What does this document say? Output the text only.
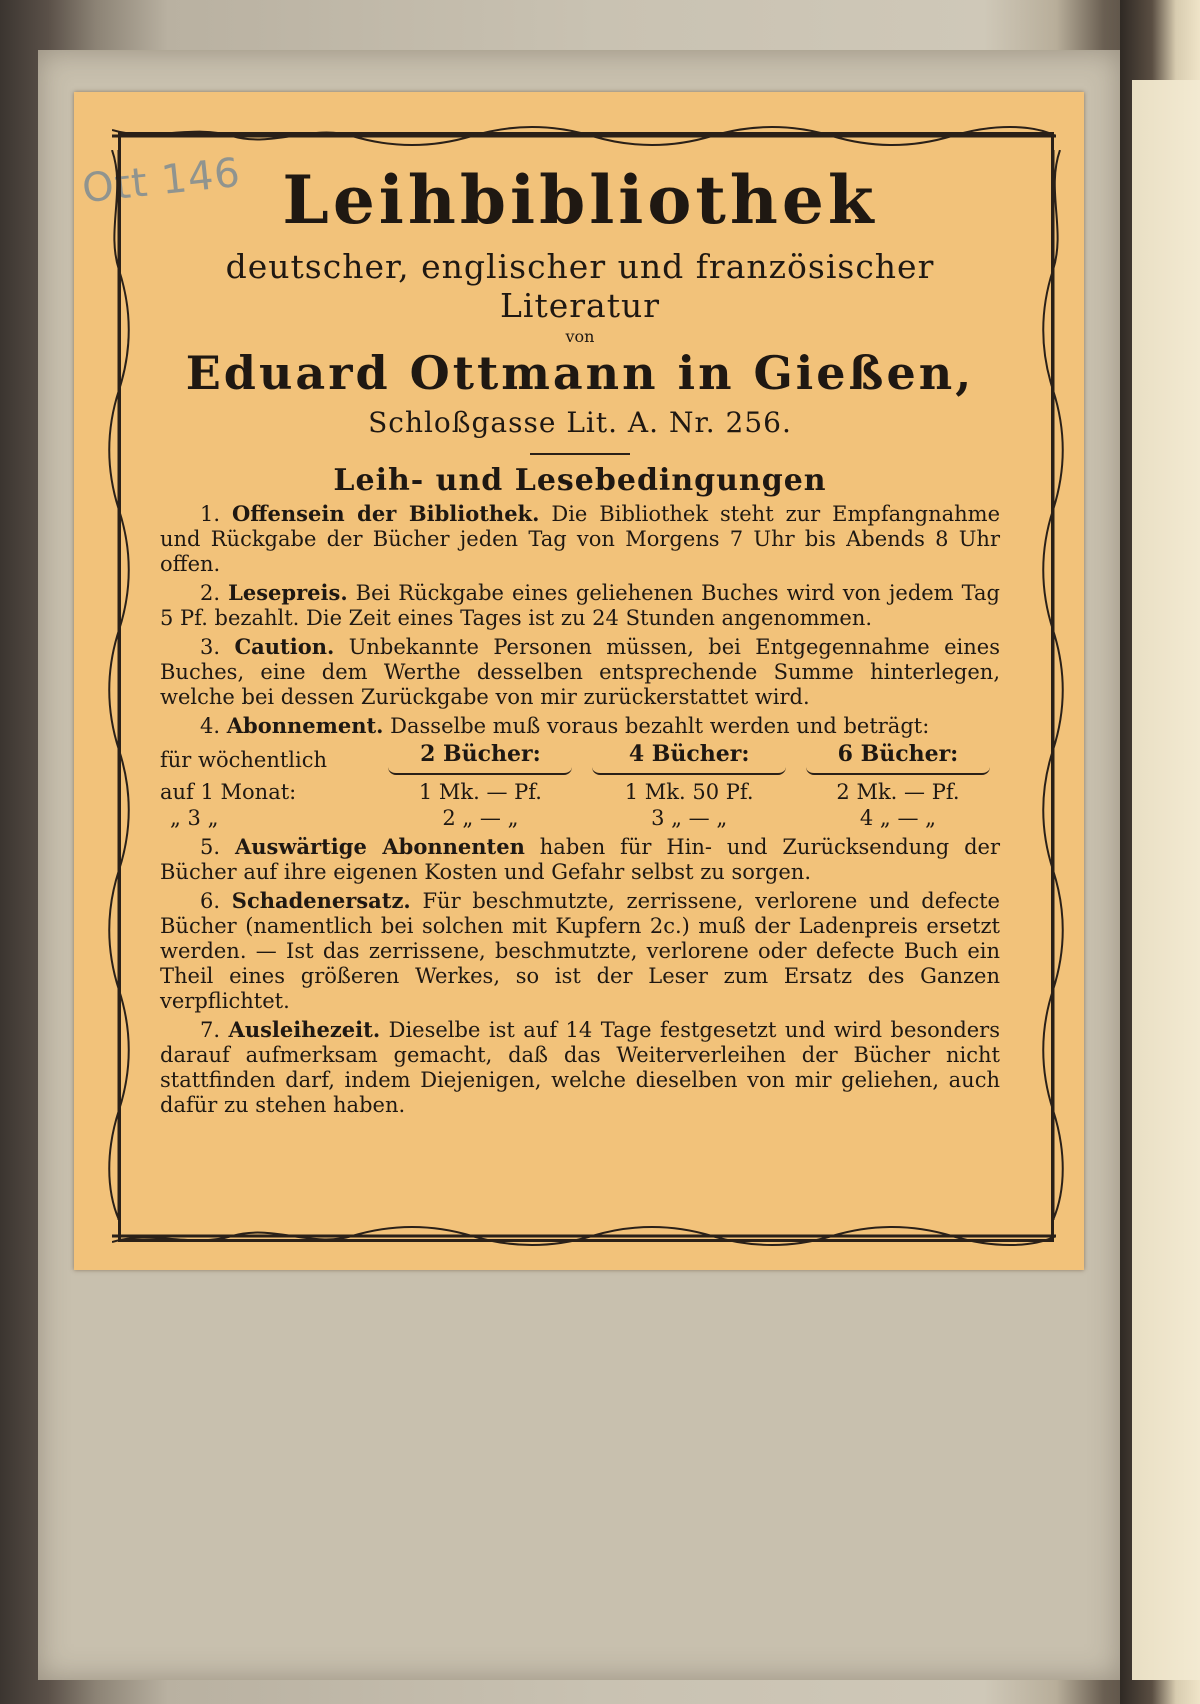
Ott 146 Leihbibliothek
deutscher, englischer und französischer Literatur
von
Eduard Ottmann in Gießen,
Schloßgasse Lit. A. Nr. 256.
Leih- und Lesebedingungen
1. Offensein der Bibliothek. Die Bibliothek steht zur Empfangnahme und Rückgabe der Bücher jeden Tag von Morgens 7 Uhr bis Abends 8 Uhr offen.
2. Lesepreis. Bei Rückgabe eines geliehenen Buches wird von jedem Tag 5 Pf. bezahlt. Die Zeit eines Tages ist zu 24 Stunden angenommen.
3. Caution. Unbekannte Personen müssen, bei Entgegennahme eines Buches, eine dem Werthe desselben entsprechende Summe hinterlegen, welche bei dessen Zurückgabe von mir zurückerstattet wird.
4. Abonnement. Dasselbe muß voraus bezahlt werden und beträgt:
für wöchentlich	2 Bücher:	4 Bücher:	6 Bücher:

auf 1 Monat:	1 Mk. — Pf.	1 Mk. 50 Pf.	2 Mk. — Pf.
„ 3 „	2 „ — „	3 „ — „	4 „ — „
5. Auswärtige Abonnenten haben für Hin- und Zurücksendung der Bücher auf ihre eigenen Kosten und Gefahr selbst zu sorgen.
6. Schadenersatz. Für beschmutzte, zerrissene, verlorene und defecte Bücher (namentlich bei solchen mit Kupfern 2c.) muß der Ladenpreis ersetzt werden. — Ist das zerrissene, beschmutzte, verlorene oder defecte Buch ein Theil eines größeren Werkes, so ist der Leser zum Ersatz des Ganzen verpflichtet.
7. Ausleihezeit. Dieselbe ist auf 14 Tage festgesetzt und wird besonders darauf aufmerksam gemacht, daß das Weiterverleihen der Bücher nicht stattfinden darf, indem Diejenigen, welche dieselben von mir geliehen, auch dafür zu stehen haben.
